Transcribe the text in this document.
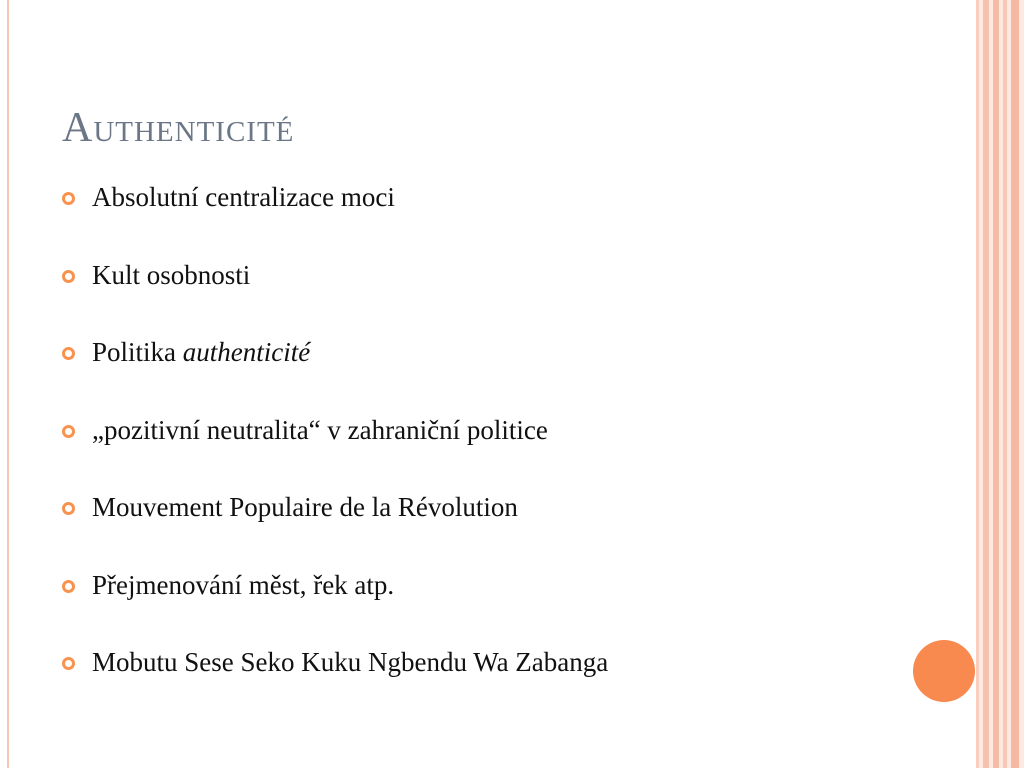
Authenticité
Absolutní centralizace moci
Kult osobnosti
Politika authenticité
„pozitivní neutralita“ v zahraniční politice
Mouvement Populaire de la Révolution
Přejmenování měst, řek atp.
Mobutu Sese Seko Kuku Ngbendu Wa Zabanga
